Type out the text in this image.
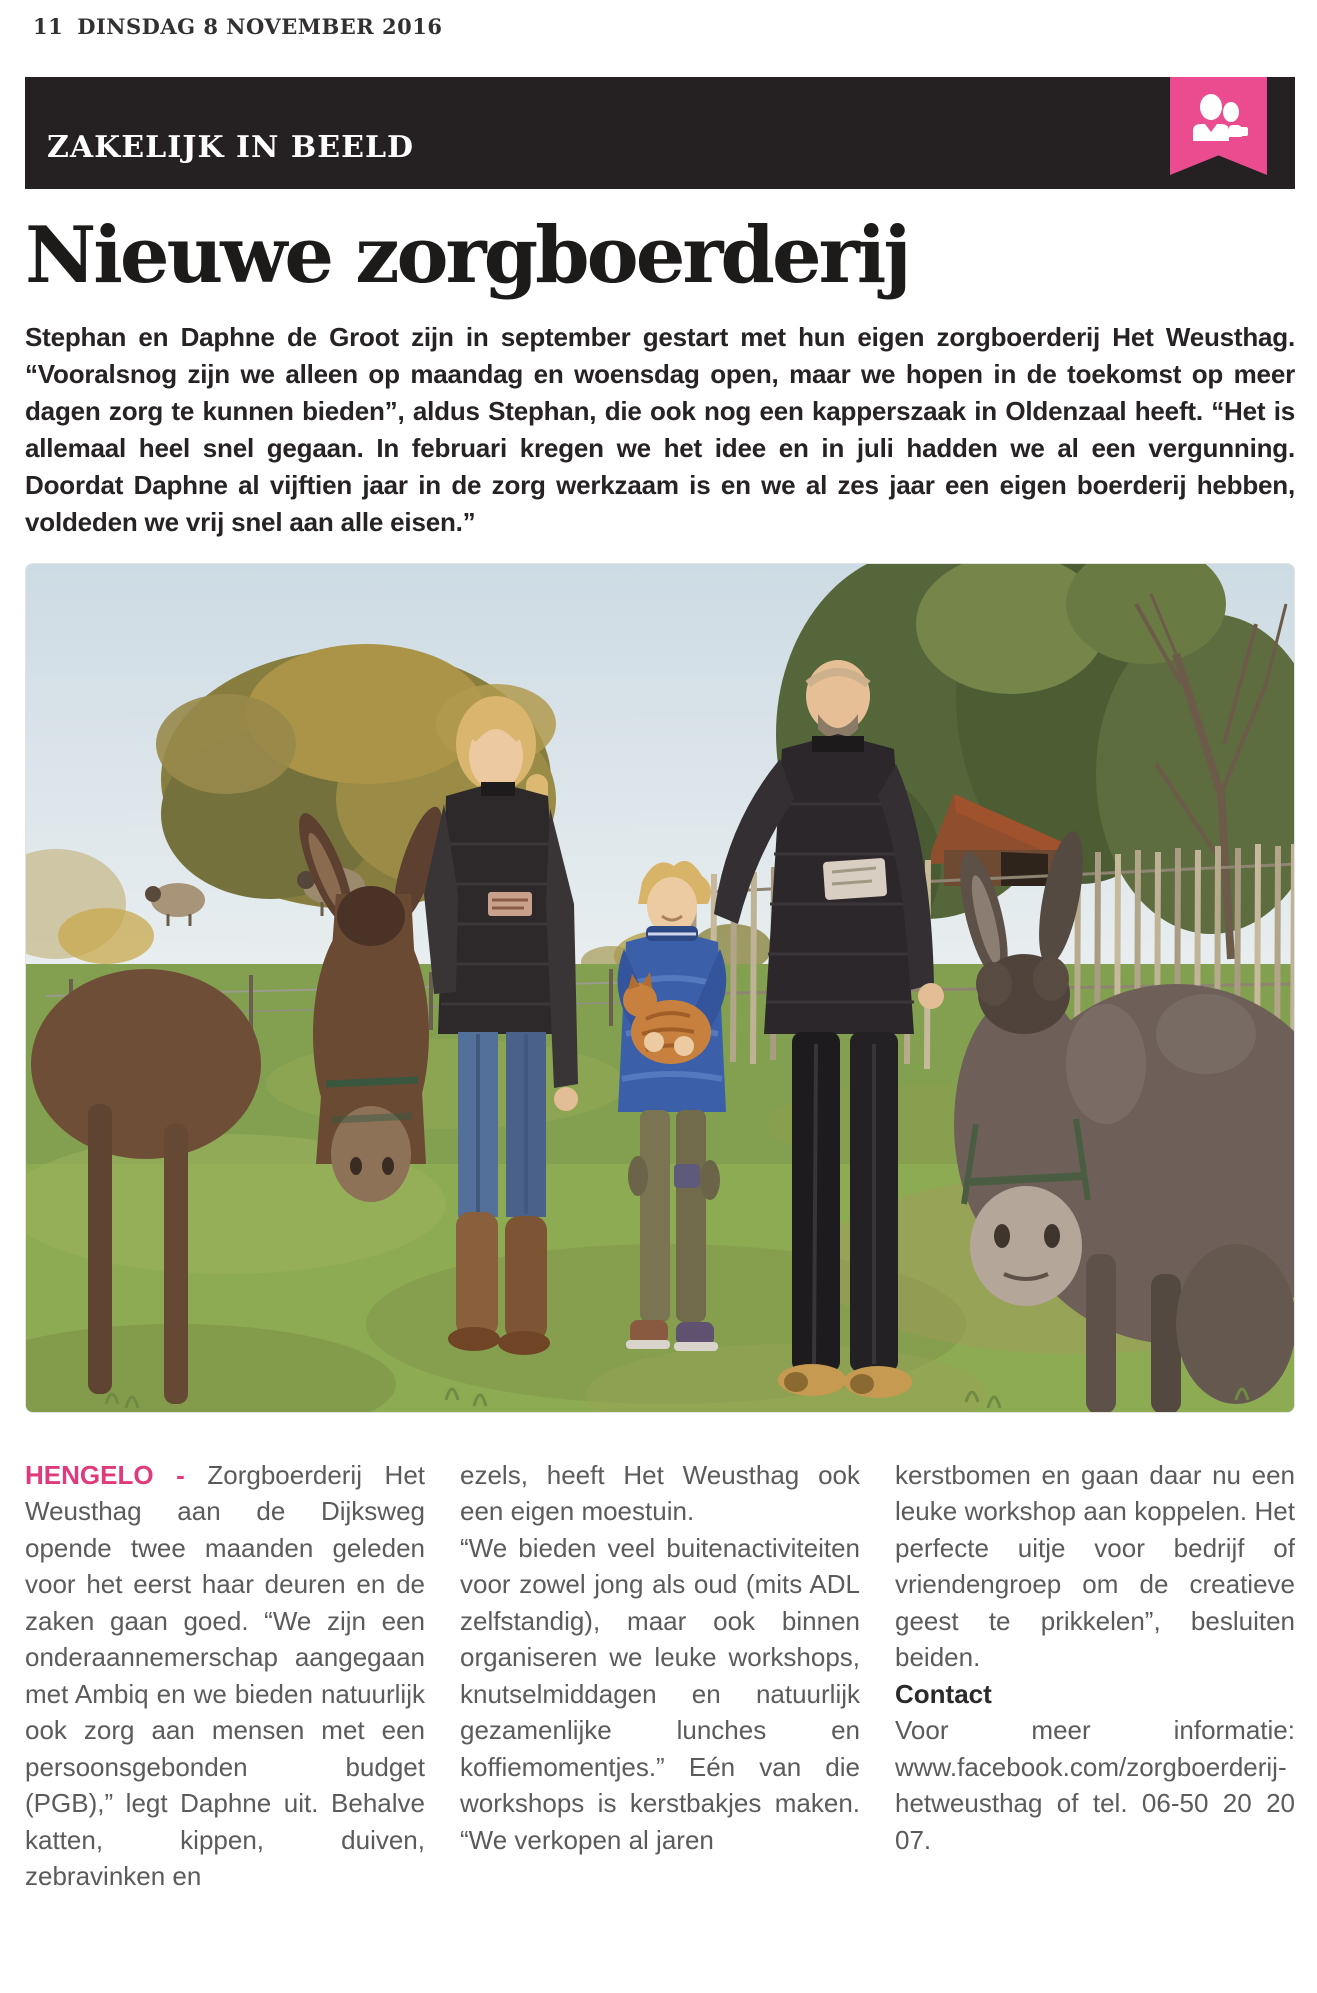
11 DINSDAG 8 NOVEMBER 2016
ZAKELIJK IN BEELD
Nieuwe zorgboerderij

Stephan en Daphne de Groot zijn in september gestart met hun eigen zorgboerderij Het Weusthag. “Vooralsnog zijn we alleen op maandag en woensdag open, maar we hopen in de toekomst op meer dagen zorg te kunnen bieden”, aldus Stephan, die ook nog een kapperszaak in Oldenzaal heeft. “Het is allemaal heel snel gegaan. In februari kregen we het idee en in juli hadden we al een vergunning. Doordat Daphne al vijftien jaar in de zorg werkzaam is en we al zes jaar een eigen boerderij hebben, voldeden we vrij snel aan alle eisen.”

HENGELO - Zorgboerderij Het Weusthag aan de Dijksweg opende twee maanden geleden voor het eerst haar deuren en de zaken gaan goed. “We zijn een onderaannemerschap aangegaan met Ambiq en we bieden natuurlijk ook zorg aan mensen met een persoonsgebonden budget (PGB),” legt Daphne uit. Behalve katten, kippen, duiven, zebravinken en

ezels, heeft Het Weusthag ook een eigen moestuin.

“We bieden veel buitenactiviteiten voor zowel jong als oud (mits ADL zelfstandig), maar ook binnen organiseren we leuke workshops, knutselmiddagen en natuurlijk gezamenlijke lunches en koffiemomentjes.” Eén van die workshops is kerstbakjes maken. “We verkopen al jaren

kerstbomen en gaan daar nu een leuke workshop aan koppelen. Het perfecte uitje voor bedrijf of vriendengroep om de creatieve geest te prikkelen”, besluiten beiden.

Contact

Voor meer informatie: www.facebook.com/zorgboerderij-hetweusthag of tel. 06-50 20 20 07.
